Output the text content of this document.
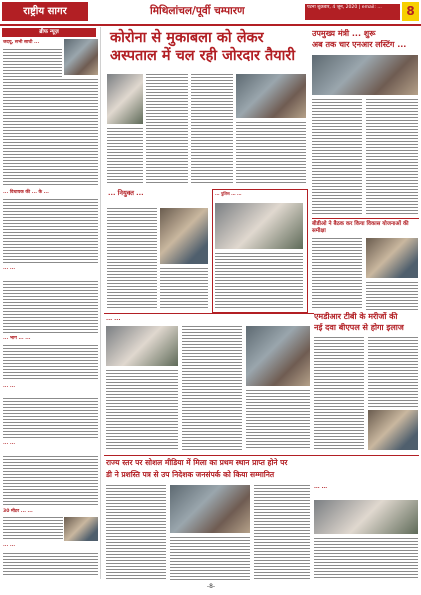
राष्ट्रीय सागर	मिथिलांचल/पूर्वी चम्पारण	पटना शुक्रवार, 4 जून, 2020 | email: ...	8
ब्रीफ न्यूज़
जदयू, सभी साथी ...
... विधायक की ... के ...
... ...
... भाग ... ...
... ...
... ...
30 मीटर ... ...
... ...
कोरोना से मुकाबला को लेकर
अस्पताल में चल रही जोरदार तैयारी
... नियुक्त ...	... पुलिस ... ...
उपमुख्य मंत्री ... शुरू
अब तक चार एनआर लस्टिंग ...
बीडीओ ने बैठक कर किया विकास योजनाओं की समीक्षा
... ...	एमडीआर टीबी के मरीजों की
नई दवा बीएपल से होगा इलाज
राज्य स्तर पर सोशल मीडिया में मिला का प्रथम स्थान प्राप्त होने पर
डी ने प्रशस्ति पत्र से उप निदेशक जनसंपर्क को किया सम्मानित
... ...
-8-
